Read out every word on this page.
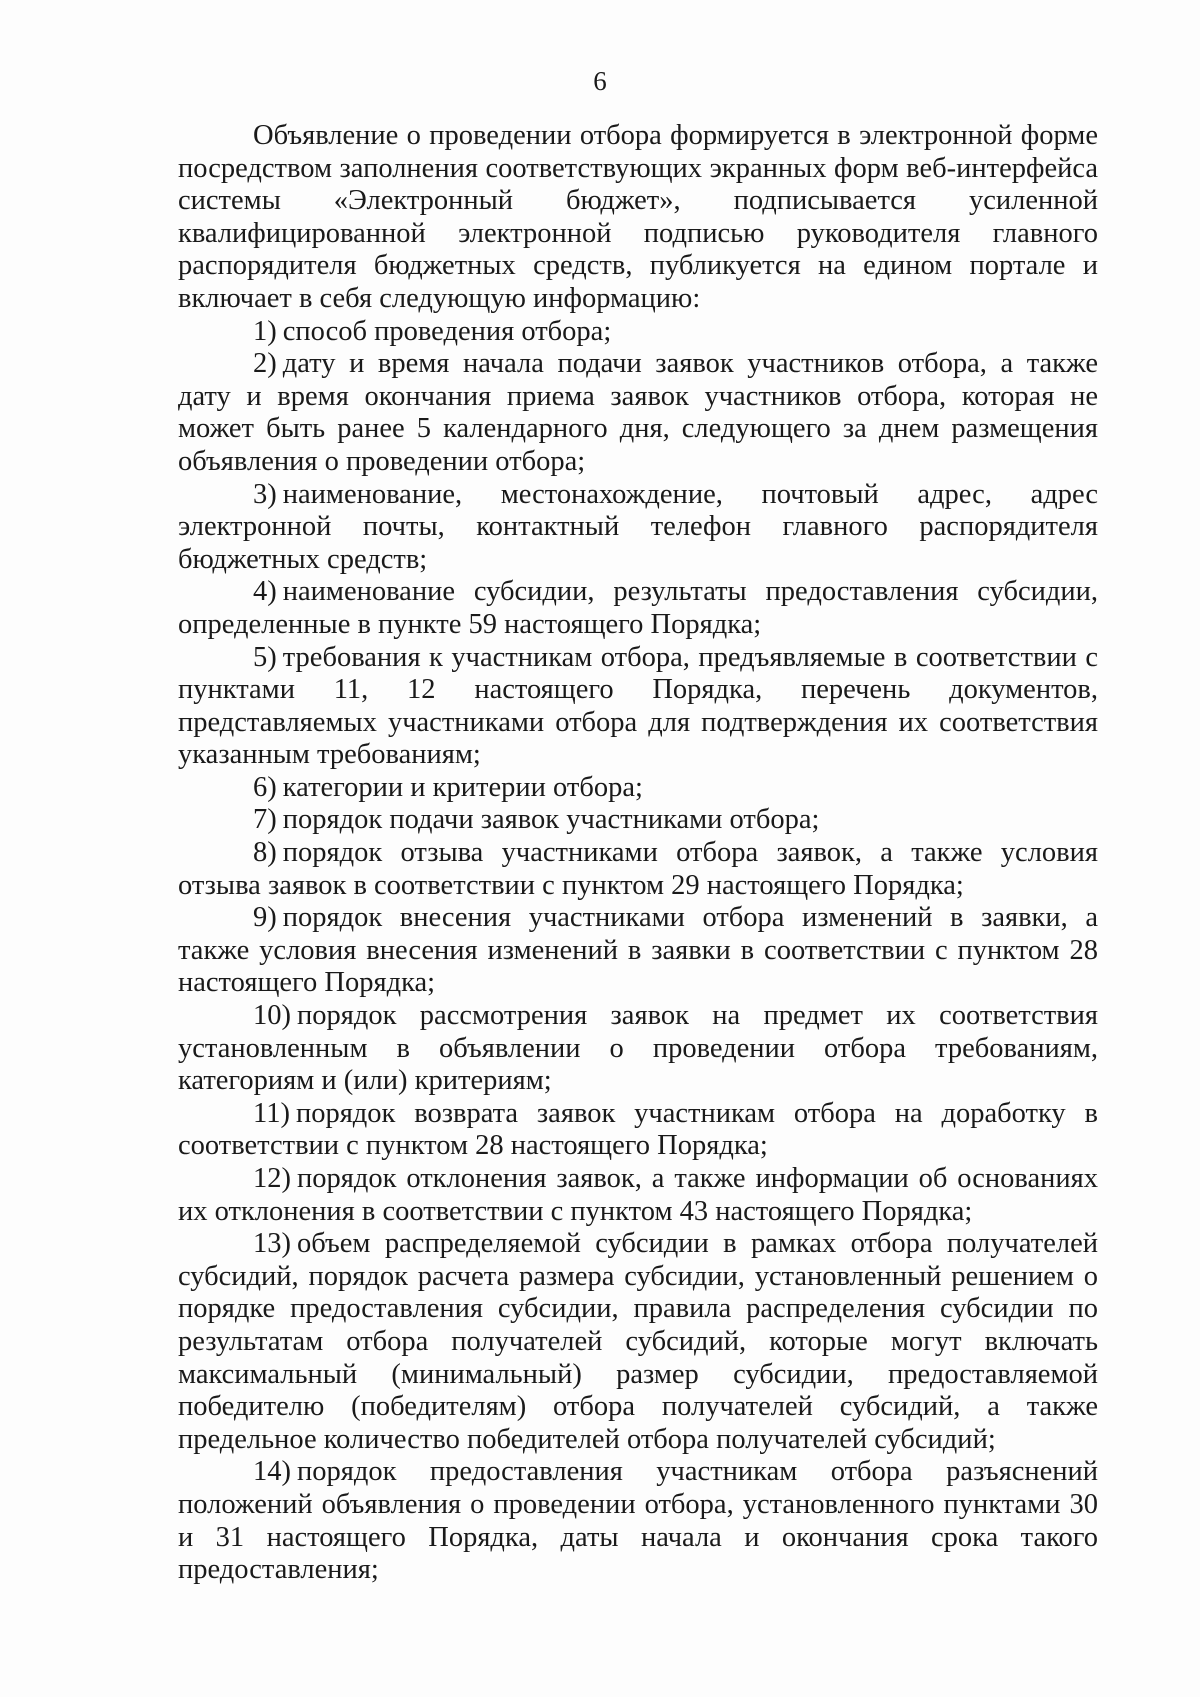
6

Объявление о проведении отбора формируется в электронной форме посредством заполнения соответствующих экранных форм веб-интерфейса системы «Электронный бюджет», подписывается усиленной квалифицированной электронной подписью руководителя главного распорядителя бюджетных средств, публикуется на едином портале и включает в себя следующую информацию:

1) способ проведения отбора;

2) дату и время начала подачи заявок участников отбора, а также дату и время окончания приема заявок участников отбора, которая не может быть ранее 5 календарного дня, следующего за днем размещения объявления о проведении отбора;

3) наименование, местонахождение, почтовый адрес, адрес электронной почты, контактный телефон главного распорядителя бюджетных средств;

4) наименование субсидии, результаты предоставления субсидии, определенные в пункте 59 настоящего Порядка;

5) требования к участникам отбора, предъявляемые в соответствии с пунктами 11, 12 настоящего Порядка, перечень документов, представляемых участниками отбора для подтверждения их соответствия указанным требованиям;

6) категории и критерии отбора;

7) порядок подачи заявок участниками отбора;

8) порядок отзыва участниками отбора заявок, а также условия отзыва заявок в соответствии с пунктом 29 настоящего Порядка;

9) порядок внесения участниками отбора изменений в заявки, а также условия внесения изменений в заявки в соответствии с пунктом 28 настоящего Порядка;

10) порядок рассмотрения заявок на предмет их соответствия установленным в объявлении о проведении отбора требованиям, категориям и (или) критериям;

11) порядок возврата заявок участникам отбора на доработку в соответствии с пунктом 28 настоящего Порядка;

12) порядок отклонения заявок, а также информации об основаниях их отклонения в соответствии с пунктом 43 настоящего Порядка;

13) объем распределяемой субсидии в рамках отбора получателей субсидий, порядок расчета размера субсидии, установленный решением о порядке предоставления субсидии, правила распределения субсидии по результатам отбора получателей субсидий, которые могут включать максимальный (минимальный) размер субсидии, предоставляемой победителю (победителям) отбора получателей субсидий, а также предельное количество победителей отбора получателей субсидий;

14) порядок предоставления участникам отбора разъяснений положений объявления о проведении отбора, установленного пунктами 30 и 31 настоящего Порядка, даты начала и окончания срока такого предоставления;
